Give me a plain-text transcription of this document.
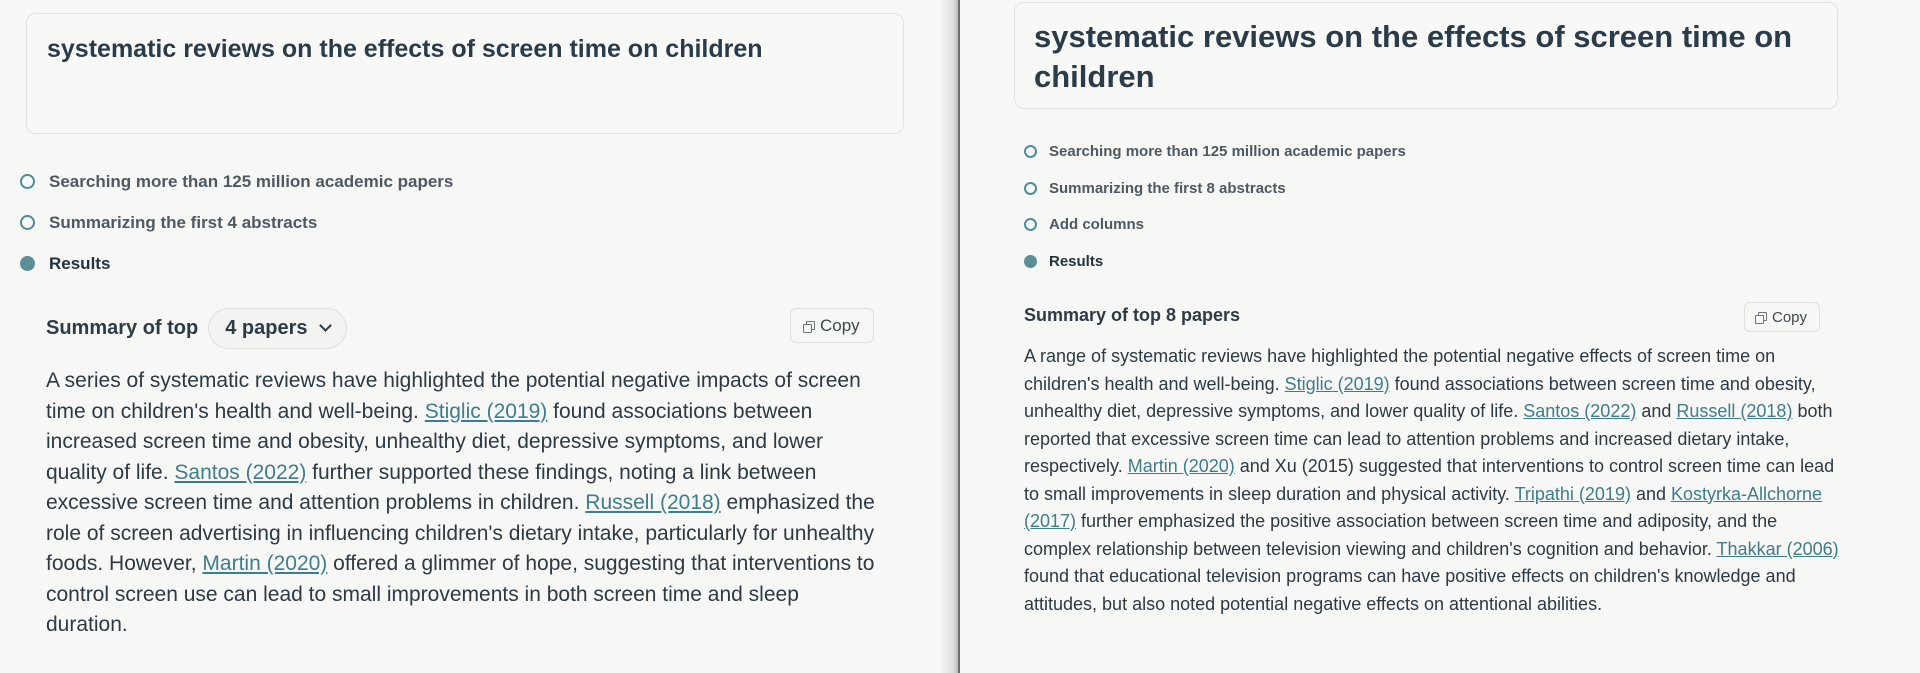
systematic reviews on the effects of screen time on children
Searching more than 125 million academic papers
Summarizing the first 4 abstracts
Results
Summary of top 4 papers	Copy

A series of systematic reviews have highlighted the potential negative impacts of screen time on children's health and well-being. Stiglic (2019) found associations between increased screen time and obesity, unhealthy diet, depressive symptoms, and lower quality of life. Santos (2022) further supported these findings, noting a link between excessive screen time and attention problems in children. Russell (2018) emphasized the role of screen advertising in influencing children's dietary intake, particularly for unhealthy foods. However, Martin (2020) offered a glimmer of hope, suggesting that interventions to control screen use can lead to small improvements in both screen time and sleep duration.

systematic reviews on the effects of screen time on children
Searching more than 125 million academic papers
Summarizing the first 8 abstracts
Add columns
Results
Summary of top 8 papers	Copy

A range of systematic reviews have highlighted the potential negative effects of screen time on children's health and well-being. Stiglic (2019) found associations between screen time and obesity, unhealthy diet, depressive symptoms, and lower quality of life. Santos (2022) and Russell (2018) both reported that excessive screen time can lead to attention problems and increased dietary intake, respectively. Martin (2020) and Xu (2015) suggested that interventions to control screen time can lead to small improvements in sleep duration and physical activity. Tripathi (2019) and Kostyrka-Allchorne (2017) further emphasized the positive association between screen time and adiposity, and the complex relationship between television viewing and children's cognition and behavior. Thakkar (2006) found that educational television programs can have positive effects on children's knowledge and attitudes, but also noted potential negative effects on attentional abilities.
